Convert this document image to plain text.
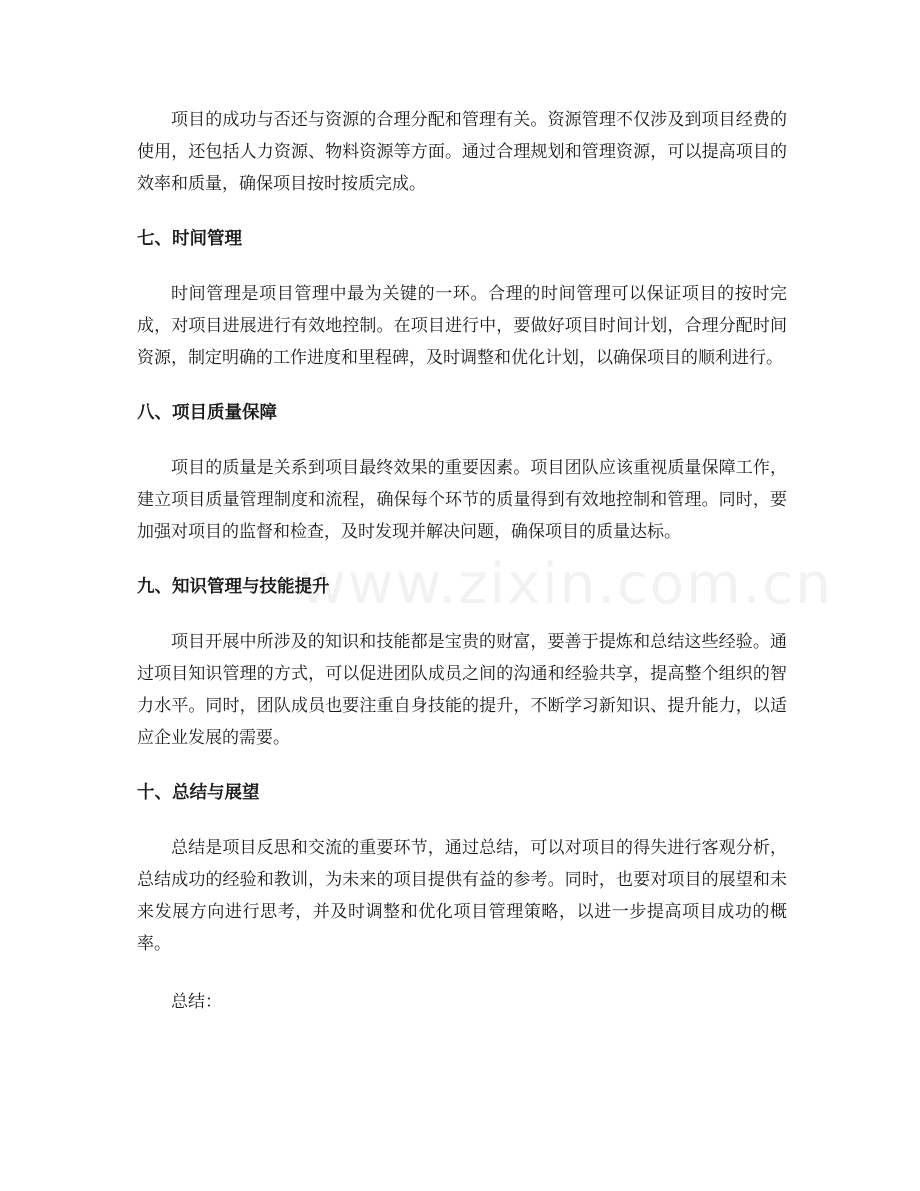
www.zixin.com.cn

项目的成功与否还与资源的合理分配和管理有关。资源管理不仅涉及到项目经费的使用，还包括人力资源、物料资源等方面。通过合理规划和管理资源，可以提高项目的效率和质量，确保项目按时按质完成。

七、时间管理

时间管理是项目管理中最为关键的一环。合理的时间管理可以保证项目的按时完成，对项目进展进行有效地控制。在项目进行中，要做好项目时间计划，合理分配时间资源，制定明确的工作进度和里程碑，及时调整和优化计划，以确保项目的顺利进行。

八、项目质量保障

项目的质量是关系到项目最终效果的重要因素。项目团队应该重视质量保障工作，建立项目质量管理制度和流程，确保每个环节的质量得到有效地控制和管理。同时，要加强对项目的监督和检查，及时发现并解决问题，确保项目的质量达标。

九、知识管理与技能提升

项目开展中所涉及的知识和技能都是宝贵的财富，要善于提炼和总结这些经验。通过项目知识管理的方式，可以促进团队成员之间的沟通和经验共享，提高整个组织的智力水平。同时，团队成员也要注重自身技能的提升，不断学习新知识、提升能力，以适应企业发展的需要。

十、总结与展望

总结是项目反思和交流的重要环节，通过总结，可以对项目的得失进行客观分析，总结成功的经验和教训，为未来的项目提供有益的参考。同时，也要对项目的展望和未来发展方向进行思考，并及时调整和优化项目管理策略，以进一步提高项目成功的概率。

总结：
